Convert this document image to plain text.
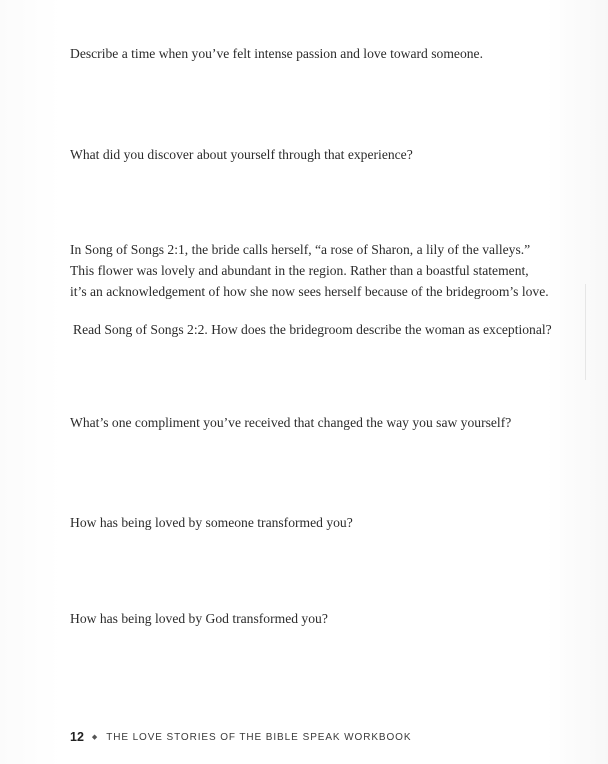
Describe a time when you’ve felt intense passion and love toward someone.

What did you discover about yourself through that experience?

In Song of Songs 2:1, the bride calls herself, “a rose of Sharon, a lily of the valleys.”
This flower was lovely and abundant in the region. Rather than a boastful statement,
it’s an acknowledgement of how she now sees herself because of the bridegroom’s love.

Read Song of Songs 2:2. How does the bridegroom describe the woman as exceptional?

What’s one compliment you’ve received that changed the way you saw yourself?

How has being loved by someone transformed you?

How has being loved by God transformed you?

12 ◆ THE LOVE STORIES OF THE BIBLE SPEAK WORKBOOK
